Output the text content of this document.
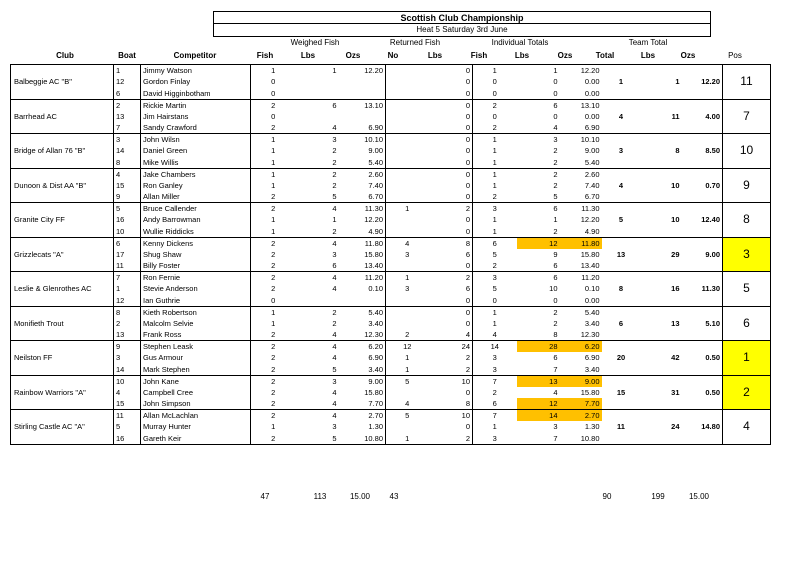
Scottish Club Championship
Heat 5 Saturday 3rd June
Weighed Fish	Returned Fish	Individual Totals	Team Total
Club	Boat	Competitor	Fish	Lbs	Ozs	No	Lbs	Fish	Lbs	Ozs	Total	Lbs	Ozs	Pos
Balbeggie AC "B"	1	Jimmy Watson	1	1	12.20		0	1	1	12.20	1	1	12.20	11
	12	Gordon Finlay	0				0	0	0	0.00				
	6	David Higginbotham	0				0	0	0	0.00				
Barrhead AC	2	Rickie Martin	2	6	13.10		0	2	6	13.10	4	11	4.00	7
	13	Jim Hairstans	0				0	0	0	0.00				
	7	Sandy Crawford	2	4	6.90		0	2	4	6.90				
Bridge of Allan 76 "B"	3	John Wilsn	1	3	10.10		0	1	3	10.10	3	8	8.50	10
	14	Daniel Green	1	2	9.00		0	1	2	9.00				
	8	Mike Willis	1	2	5.40		0	1	2	5.40				
Dunoon & Dist AA "B"	4	Jake Chambers	1	2	2.60		0	1	2	2.60	4	10	0.70	9
	15	Ron Ganley	1	2	7.40		0	1	2	7.40				
	9	Allan Miller	2	5	6.70		0	2	5	6.70				
Granite City FF	5	Bruce Callender	2	4	11.30	1	2	3	6	11.30	5	10	12.40	8
	16	Andy Barrowman	1	1	12.20		0	1	1	12.20				
	10	Wullie Riddicks	1	2	4.90		0	1	2	4.90				
Grizzlecats "A"	6	Kenny Dickens	2	4	11.80	4	8	6	12	11.80	13	29	9.00	3
	17	Shug Shaw	2	3	15.80	3	6	5	9	15.80				
	11	Billy Foster	2	6	13.40		0	2	6	13.40				
Leslie & Glenrothes AC	7	Ron Fernie	2	4	11.20	1	2	3	6	11.20	8	16	11.30	5
	1	Stevie Anderson	2	4	0.10	3	6	5	10	0.10				
	12	Ian Guthrie	0				0	0	0	0.00				
Monifieth Trout	8	Kieth Robertson	1	2	5.40		0	1	2	5.40	6	13	5.10	6
	2	Malcolm Selvie	1	2	3.40		0	1	2	3.40				
	13	Frank Ross	2	4	12.30	2	4	4	8	12.30				
Neilston FF	9	Stephen Leask	2	4	6.20	12	24	14	28	6.20	20	42	0.50	1
	3	Gus Armour	2	4	6.90	1	2	3	6	6.90				
	14	Mark Stephen	2	5	3.40	1	2	3	7	3.40				
Rainbow Warriors "A"	10	John Kane	2	3	9.00	5	10	7	13	9.00	15	31	0.50	2
	4	Campbell Cree	2	4	15.80		0	2	4	15.80				
	15	John Simpson	2	4	7.70	4	8	6	12	7.70				
Stirling Castle AC "A"	11	Allan McLachlan	2	4	2.70	5	10	7	14	2.70	11	24	14.80	4
	5	Murray Hunter	1	3	1.30		0	1	3	1.30				
	16	Gareth Keir	2	5	10.80	1	2	3	7	10.80				
47	113	15.00	43	90	199	15.00
